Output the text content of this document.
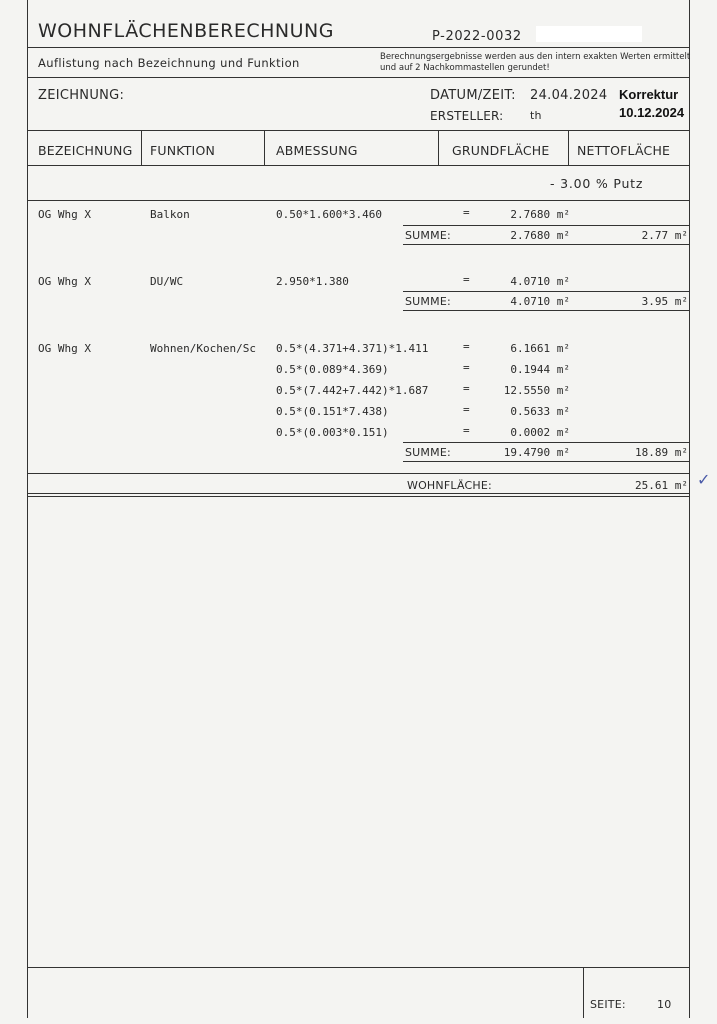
WOHNFLÄCHENBERECHNUNG	P-2022-0032
Auflistung nach Bezeichnung und Funktion	Berechnungsergebnisse werden aus den intern exakten Werten ermittelt
und auf 2 Nachkommastellen gerundet!
ZEICHNUNG:	DATUM/ZEIT: 24.04.2024 Korrektur
ERSTELLER: th	10.12.2024
BEZEICHNUNG FUNKTION	ABMESSUNG	GRUNDFLÄCHE NETTOFLÄCHE
- 3.00 % Putz
OG Whg X	Balkon	0.50*1.600*3.460	=	2.7680 m²
SUMME:	2.7680 m²	2.77 m²
OG Whg X	DU/WC	2.950*1.380	=	4.0710 m²
SUMME:	4.0710 m²	3.95 m²
OG Whg X	Wohnen/Kochen/Sc 0.5*(4.371+4.371)*1.411	=	6.1661 m²
0.5*(0.089*4.369)	=	0.1944 m²
0.5*(7.442+7.442)*1.687	=	12.5550 m²
0.5*(0.151*7.438)	=	0.5633 m²
0.5*(0.003*0.151)	=	0.0002 m²
SUMME:	19.4790 m²	18.89 m²
WOHNFLÄCHE:	25.61 m² ✓
SEITE:	10
